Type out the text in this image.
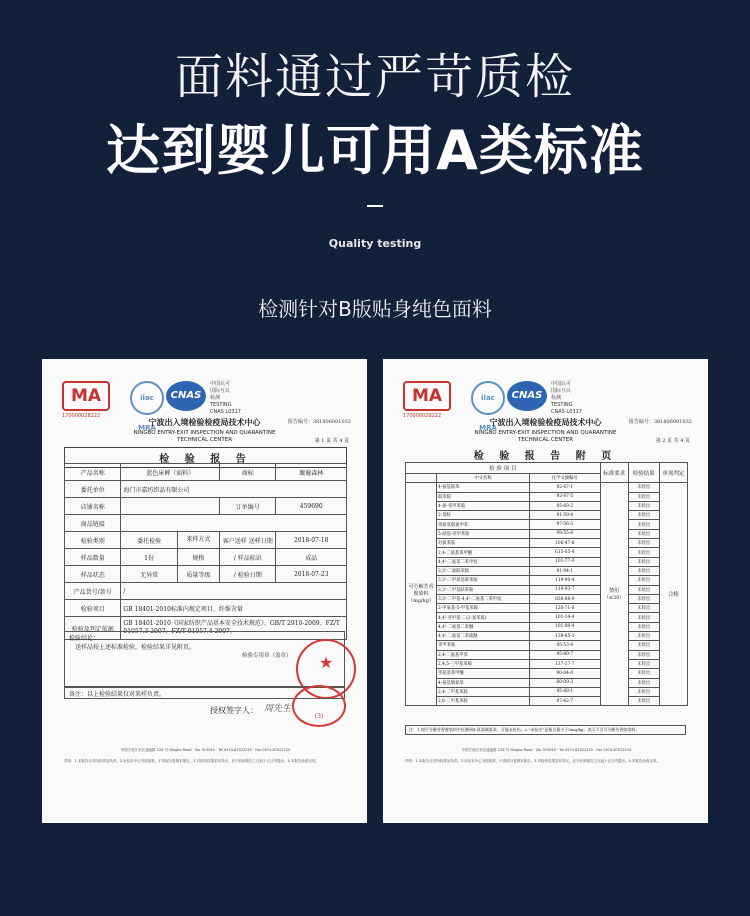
面料通过严苛质检
达到婴儿可用A类标准
Quality testing
检测针对B版贴身纯色面料
MA
170000028222
ilac MRA
CNAS
中国认可
国际互认
检测
TESTING
CNAS L0317
宁波出入境检验检疫局技术中心	报告编号：381806001032
NINGBO ENTRY-EXIT INSPECTION AND QUARANTINE
TECHNICAL CENTER	第 1 页 共 4 页
检 验 报 告
产品名称	蓝色床裤（面料）		商标	麋鹿森林
委托单位	海门市嘉纺织品有限公司			
店铺名称			订单编号	459690
商品链接				
检验类别	委托检验	来样方式	客户送样 送样日期	2018-07-18
样品数量	1份	规格	/ 样品标识	成品
样品状态	无异常	质量等级	/ 检验日期	2018-07-23
产品货号/款号	/			
检验项目	GB 18401-2010标准内规定项目、纤维含量			
检验及判定依据	GB 18401-2010《国家纺织产品基本安全技术规范》、GB/T 2910-2009、FZ/T 01057.3-2007、FZ/T 01057.4-2007。			
检验结论：
送样品按上述标准检验，检验结果详见附页。
检验专用章（盖章）	★
备注：以上检验结果仅对来样负责。
授权签字人： 周先生
(3)
中国宁波江东区通途路 228 号 Ningbo Road · Zip 315040 · Tel 0574-87022255 · Fax 0574-87022210
声明：1.本报告仅对所检样品负责。2.未经本中心书面批准，不得部分复制本报告。3.对检验结果若有异议，应于收到报告之日起十五日内提出。4.本报告涂改无效。
MA
170000028222
ilac MRA
CNAS
中国认可
国际互认
检测
TESTING
CNAS L0317
宁波出入境检验检疫局技术中心	报告编号：381806001032
NINGBO ENTRY-EXIT INSPECTION AND QUARANTINE
TECHNICAL CENTER	第 2 页 共 4 页
检 验 报 告 附 页
检 验 项 目			标准要求	检验结果	单项判定
	中文名称	化学文摘编号			
可分解芳香胺染料（mg/kg）	4-氨基联苯	92-67-1	禁用（≤20）	未检出	合格
	联苯胺	92-87-5		未检出	
	4-氯-邻甲苯胺	95-69-2		未检出	
	2-萘胺	91-59-8		未检出	
	邻氨基偶氮甲苯	97-56-3		未检出	
	5-硝基-邻甲苯胺	99-55-8		未检出	
	对氯苯胺	106-47-8		未检出	
	2,4-二氨基苯甲醚	615-05-4		未检出	
	4,4'-二氨基二苯甲烷	101-77-9		未检出	
	3,3'-二氯联苯胺	91-94-1		未检出	
	3,3'-二甲氧基联苯胺	119-90-4		未检出	
	3,3'-二甲基联苯胺	119-93-7		未检出	
	3,3'-二甲基-4,4'-二氨基二苯甲烷	838-88-0		未检出	
	2-甲氧基-5-甲基苯胺	120-71-8		未检出	
	4,4'-亚甲基-二(2-氯苯胺)	101-14-4		未检出	
	4,4'-二氨基二苯醚	101-80-4		未检出	
	4,4'-二氨基二苯硫醚	139-65-1		未检出	
	邻甲苯胺	95-53-4		未检出	
	2,4-二氨基甲苯	95-80-7		未检出	
	2,4,5-三甲基苯胺	137-17-7		未检出	
	邻氨基苯甲醚	90-04-0		未检出	
	4-氨基偶氮苯	60-09-3		未检出	
	2,4-二甲基苯胺	95-68-1		未检出	
	2,6-二甲基苯胺	87-62-7		未检出	
注：1.如可分解芳香胺染料中检测到4-氨基偶氮苯，可能未检出。2."未检出"是指含量小于5mg/kg，表示不含可分解芳香胺染料。
中国宁波江东区通途路 228 号 Ningbo Road · Zip 315040 · Tel 0574-87022255 · Fax 0574-87022210
声明：1.本报告仅对所检样品负责。2.未经本中心书面批准，不得部分复制本报告。3.对检验结果若有异议，应于收到报告之日起十五日内提出。4.本报告涂改无效。
